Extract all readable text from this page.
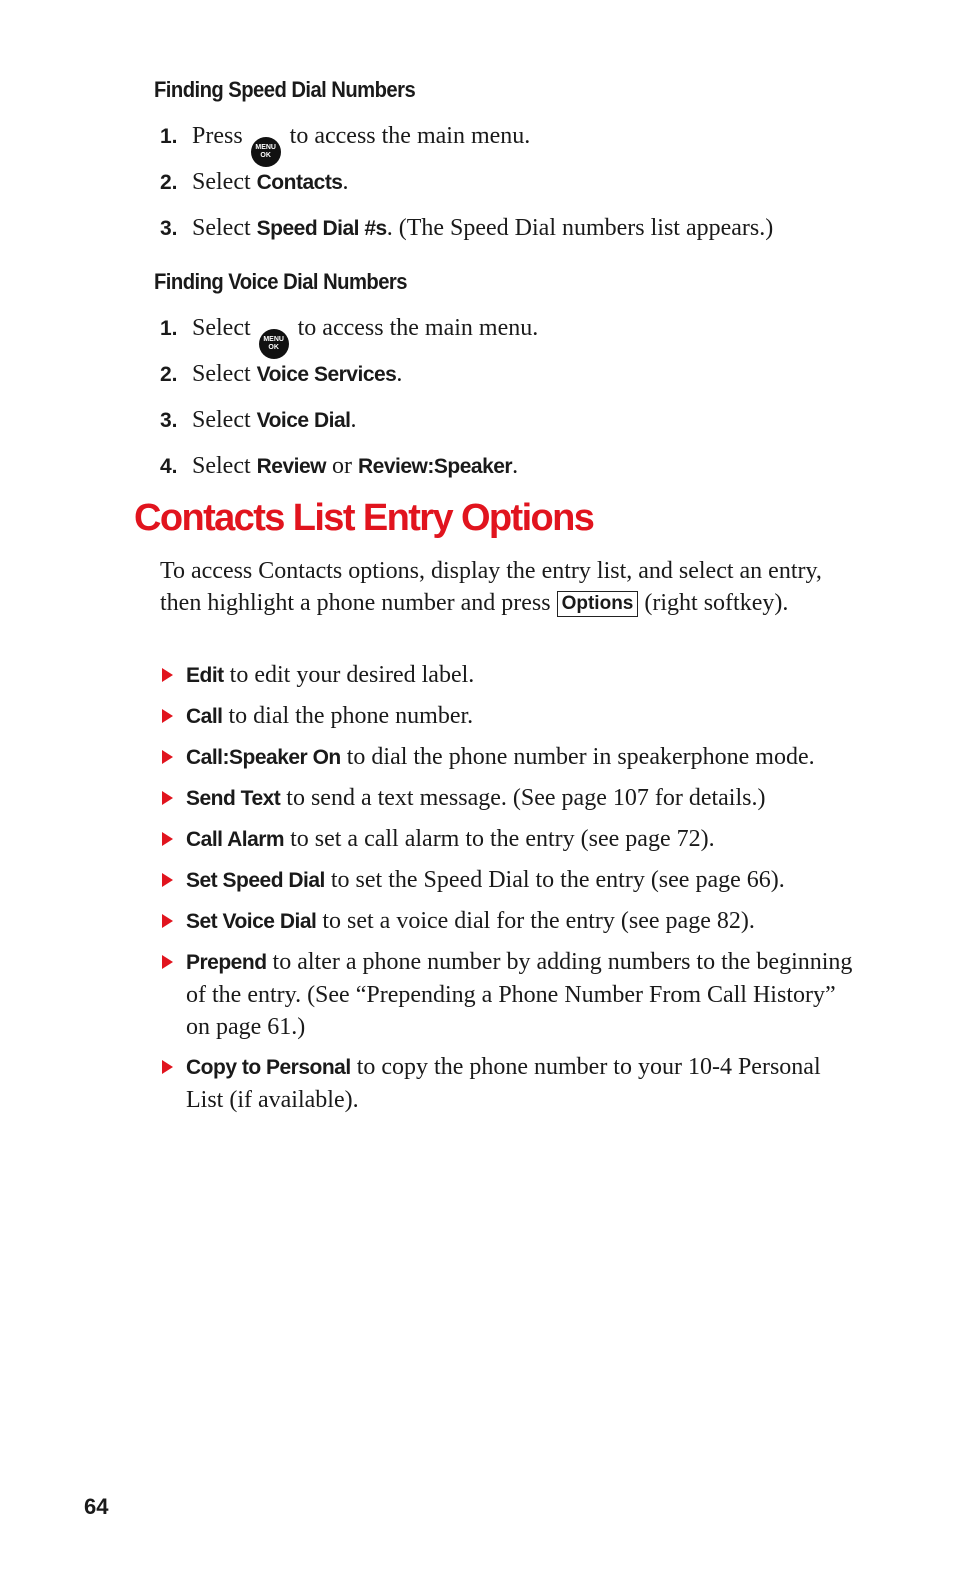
Finding Speed Dial Numbers
1. Press MENU
OK
to access the main menu.
2. Select Contacts.
3. Select Speed Dial #s. (The Speed Dial numbers list appears.)
Finding Voice Dial Numbers
1. Select MENU
OK
to access the main menu.
2. Select Voice Services.
3. Select Voice Dial.
4. Select Review or Review:Speaker.
Contacts List Entry Options
To access Contacts options, display the entry list, and select an entry, then highlight a phone number and press Options (right softkey).
Edit to edit your desired label.
Call to dial the phone number.
Call:Speaker On to dial the phone number in speakerphone mode.
Send Text to send a text message. (See page 107 for details.)
Call Alarm to set a call alarm to the entry (see page 72).
Set Speed Dial to set the Speed Dial to the entry (see page 66).
Set Voice Dial to set a voice dial for the entry (see page 82).
Prepend to alter a phone number by adding numbers to the beginning of the entry. (See “Prepending a Phone Number From Call History” on page 61.)
Copy to Personal to copy the phone number to your 10-4 Personal List (if available).
64
